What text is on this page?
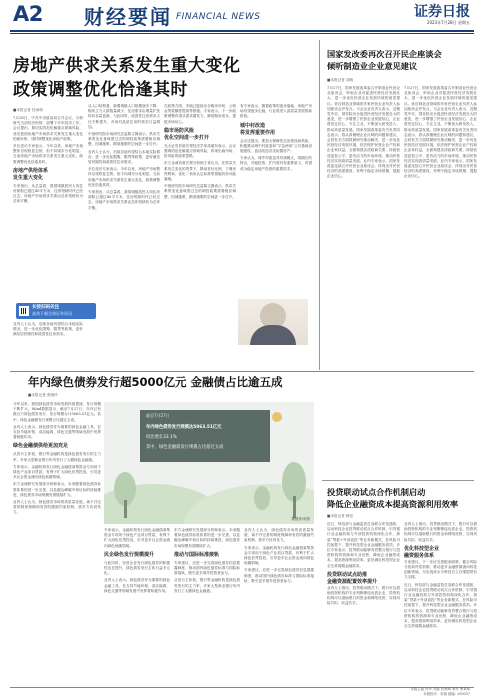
A2 财经要闻 FINANCIAL NEWS	证券日报
2023年7月28日 星期五
房地产供求关系发生重大变化
政策调整优化恰逢其时
■本报记者 杜雨萌
7月28日，中共中央政治局召开会议，分析研究当前经济形势，部署下半年经济工作。会议提出，要切实防范化解重点领域风险，适应我国房地产市场供求关系发生重大变化的新形势，适时调整优化房地产政策。
多位受访专家表示，今年以来，房地产市场整体呈现恢复态势，但不同城市分化明显。当前房地产市场供求关系发生重大变化，政策调整优化恰逢其时。
房地产供给体系
发生重大变化
专家指出，从总量看，我国城镇居民人均住房面积已超过40平方米，住房短缺时代已经过去，房地产市场供求关系由总体短缺转为总体平衡。
从人口结构看，新增城镇人口规模逐步下降，购房主力人群数量减少，住房需求由增量扩张转向存量更新。与此同时，改善性住房需求占比不断提升，市场对品质住房的需求日益增加。
中指研究院市场研究总监陈文静表示，供求关系的变化意味着过去的调控政策需要相应调整，因城施策、精准施策的空间进一步打开。
业内人士认为，后续各地有望结合本地实际情况，进一步优化限购、限贷等政策，更好满足居民刚性和改善性住房需求。
多位受访专家表示，今年以来，房地产市场整体呈现恢复态势，但不同城市分化明显。当前房地产市场供求关系发生重大变化，政策调整优化恰逢其时。
专家指出，从总量看，我国城镇居民人均住房面积已超过40平方米，住房短缺时代已经过去，房地产市场供求关系由总体短缺转为总体平衡。
在政策方面，多地已陆续出台购房补贴、公积金贷款额度提高等措施。专家表示，下一步政策调整有望从需求端发力，降低购房成本，提振市场信心。
稳市场防风险
优化空间进一步打开
光大证券首席宏观经济学家高瑞东表示，会议强调防范化解重点领域风险，体现出稳市场、防风险的政策思路。
东方金诚首席宏观分析师王青认为，在供求关系发生变化的背景下，降低首付比例、下调房贷利率、优化二套房认定标准等措施均有可能落地。
中指研究院市场研究总监陈文静表示，供求关系的变化意味着过去的调控政策需要相应调整，因城施策、精准施策的空间进一步打开。
有专家表示，随着政策的逐步落地，房地产市场有望逐步企稳，行业将进入高质量发展的新阶段。
城中村改造
将发挥重要作用
会议还提出，要加大保障性住房建设和供给，积极推动城中村改造和“平急两用”公共基础设施建设，盘活改造各类闲置房产。
专家认为，城中村改造具有规模大、周期长的特点，对稳投资、扩内需具有重要意义，有望成为稳定房地产投资的重要抓手。
长按扫码关注
高效下载全球证券资讯
业内人士认为，后续各地有望结合本地实际情况，进一步优化限购、限贷等政策，更好满足居民刚性和改善性住房需求。
国家发改委再次召开民企座谈会
倾听制造业企业意见建议
■本报记者 刘萌
7月27日，国家发展改革委召开制造业民营企业座谈会，听取企业对促进民营经济发展壮大、进一步优化民营企业发展环境的意见建议。来自制造业领域的多家民营企业负责人参加座谈会并发言。与会企业负责人表示，近期党中央、国务院出台促进民营经济发展壮大的意见，进一步增强了民营企业发展信心，企业将坚定信心、专注主业，不断加大研发投入，推动高质量发展。国家发展改革委有关负责同志表示，将认真梳理企业反映的问题和建议，会同有关方面抓紧研究推动解决，进一步优化民营经济发展环境，依法保护民营企业产权和企业家权益，全面构建亲清政商关系，持续营造更加公平、更有活力的市场环境，推动民营经济实现高质量发展。业内专家表示，国家发改委连续召开民营企业座谈会，体现出对民营经济的高度重视，有利于稳定市场预期、提振企业信心。
7月27日，国家发展改革委召开制造业民营企业座谈会，听取企业对促进民营经济发展壮大、进一步优化民营企业发展环境的意见建议。来自制造业领域的多家民营企业负责人参加座谈会并发言。与会企业负责人表示，近期党中央、国务院出台促进民营经济发展壮大的意见，进一步增强了民营企业发展信心，企业将坚定信心、专注主业，不断加大研发投入，推动高质量发展。国家发展改革委有关负责同志表示，将认真梳理企业反映的问题和建议，会同有关方面抓紧研究推动解决，进一步优化民营经济发展环境，依法保护民营企业产权和企业家权益，全面构建亲清政商关系，持续营造更加公平、更有活力的市场环境，推动民营经济实现高质量发展。业内专家表示，国家发改委连续召开民营企业座谈会，体现出对民营经济的高度重视，有利于稳定市场预期、提振企业信心。
投贷联动试点合作机制启动
降低企业融资成本提高资源利用效率
■本报记者 韩昱
近日，科技部与金融监管总局联合印发通知，启动科技企业投贷联动试点合作机制，引导银行业金融机构与外部投资机构深化合作，探索“贷款+外部直投”等业务新模式，在风险可控前提下，提升科技型企业金融服务质效。多位专家表示，投贷联动能够有效整合银行与投资机构的资源和专业优势，降低企业融资成本，提高资源利用效率，更好满足科技型企业全生命周期金融需求。
投贷联动试点助推
金融资源配置效率提升
业内人士指出，投贷联动模式下，银行可以借助投资机构的专业判断筛选优质企业，投资机构则可以借助银行的资金和网络优势，实现风险共担、收益共享。
业内人士指出，投贷联动模式下，银行可以借助投资机构的专业判断筛选优质企业，投资机构则可以借助银行的资金和网络优势，实现风险共担、收益共享。
优化科技型企业
融资服务体系
专家建议，下一步应完善配套政策，健全风险分担和补偿机制，推动更多金融资源流向科技创新领域，为实现高水平科技自立自强提供有力支撑。
近日，科技部与金融监管总局联合印发通知，启动科技企业投贷联动试点合作机制，引导银行业金融机构与外部投资机构深化合作，探索“贷款+外部直投”等业务新模式，在风险可控前提下，提升科技型企业金融服务质效。多位专家表示，投贷联动能够有效整合银行与投资机构的资源和专业优势，降低企业融资成本，提高资源利用效率，更好满足科技型企业全生命周期金融需求。
年内绿色债券发行超5000亿元 金融债占比逾五成
■本报记者 张晓玲
今年以来，我国绿色债券市场发展持续提速，发行规模不断扩大。Wind数据显示，截至7月27日，年内已有数百只绿色债券发行，发行规模合计5063.51亿元。其中，绿色金融债发行规模占比超过五成。
业内人士表示，绿色债券作为重要的绿色金融工具，在支持节能环保、清洁能源、绿色交通等领域发展中发挥着积极作用。
绿色金融债供给更加充足
从发行主体看，银行等金融机构是绿色债券发行的主力军，多家大型商业银行年内发行了大额绿色金融债。
专家表示，金融机构发行绿色金融债募集资金专项用于绿色产业项目贷款，有利于扩大绿色信贷投放，引导更多社会资金流向绿色低碳领域。
东方金诚研究发展部分析师表示，未来随着绿色债券标准体系的进一步完善，以及碳达峰碳中和目标的持续推进，绿色债券市场规模有望继续扩大。
业内人士认为，绿色债券市场的高质量发展，离不开完善的制度保障和有效的激励约束机制，需多方协同发力。
截至7月27日
年内绿色债券发行规模达5063.51亿元
同比增长33.1%
其中，绿色金融债发行规模占比超过五成
魏健骐/制图
专家表示，金融机构发行绿色金融债募集资金专项用于绿色产业项目贷款，有利于扩大绿色信贷投放，引导更多社会资金流向绿色低碳领域。
民企绿色发行规模提升
与此同时，民营企业发行绿色债券的积极性也在提升，绿色债券发行主体日益多元化。
业内人士表示，绿色债券作为重要的绿色金融工具，在支持节能环保、清洁能源、绿色交通等领域发展中发挥着积极作用。
东方金诚研究发展部分析师表示，未来随着绿色债券标准体系的进一步完善，以及碳达峰碳中和目标的持续推进，绿色债券市场规模有望继续扩大。
推动与国际标准接轨
专家建议，应进一步完善绿色债券信息披露制度，推动国内绿色债券标准与国际标准接轨，吸引更多境外投资者参与。
从发行主体看，银行等金融机构是绿色债券发行的主力军，多家大型商业银行年内发行了大额绿色金融债。
业内人士认为，绿色债券市场的高质量发展，离不开完善的制度保障和有效的激励约束机制，需多方协同发力。
专家表示，金融机构发行绿色金融债募集资金专项用于绿色产业项目贷款，有利于扩大绿色信贷投放，引导更多社会资金流向绿色低碳领域。
专家建议，应进一步完善绿色债券信息披露制度，推动国内绿色债券标准与国际标准接轨，吸引更多境外投资者参与。
本版主编 孙华 责编 杜雨萌 制作 曹秉琛
本版校对：宋晓 邮编: 100037
